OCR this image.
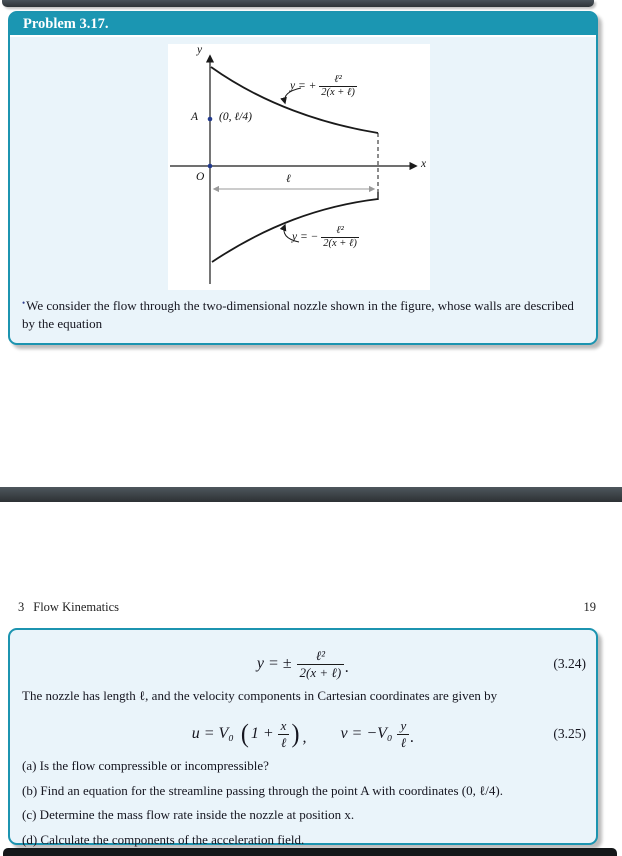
Problem 3.17.
y
x
O
A (0, ℓ/4)
ℓ
y = +
ℓ²
2(x + ℓ)
y = −
ℓ²
2(x + ℓ)
•We consider the flow through the two-dimensional nozzle shown in the figure, whose walls are described by the equation
3 Flow Kinematics	19
y = ±	ℓ²
2(x + ℓ) .	(3.24)
The nozzle has length ℓ, and the velocity components in Cartesian coordinates are given by
u = V₀ ( 1 + x
ℓ ) , v = −V₀ y
ℓ .	(3.25)
(a) Is the flow compressible or incompressible?
(b) Find an equation for the streamline passing through the point A with coordinates (0, ℓ/4).
(c) Determine the mass flow rate inside the nozzle at position x.
(d) Calculate the components of the acceleration field.
